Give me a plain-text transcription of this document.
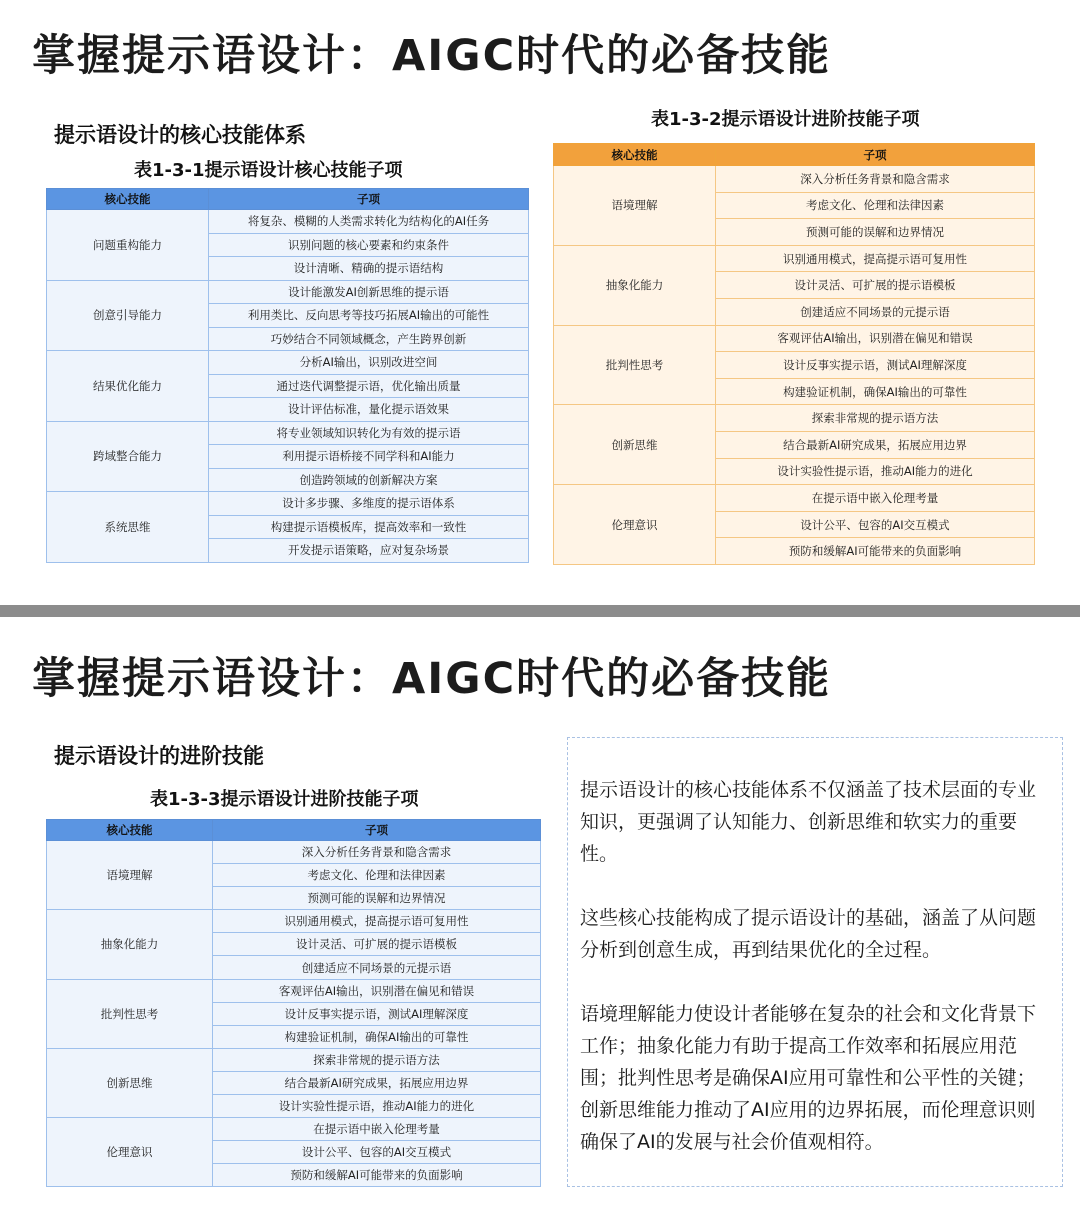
掌握提示语设计：AIGC时代的必备技能
提示语设计的核心技能体系
表1-3-1提示语设计核心技能子项
核心技能	子项
问题重构能力	将复杂、模糊的人类需求转化为结构化的AI任务
	识别问题的核心要素和约束条件
	设计清晰、精确的提示语结构
创意引导能力	设计能激发AI创新思维的提示语
	利用类比、反向思考等技巧拓展AI输出的可能性
	巧妙结合不同领域概念，产生跨界创新
结果优化能力	分析AI输出，识别改进空间
	通过迭代调整提示语，优化输出质量
	设计评估标准，量化提示语效果
跨域整合能力	将专业领域知识转化为有效的提示语
	利用提示语桥接不同学科和AI能力
	创造跨领域的创新解决方案
系统思维	设计多步骤、多维度的提示语体系
	构建提示语模板库，提高效率和一致性
	开发提示语策略，应对复杂场景
表1-3-2提示语设计进阶技能子项
核心技能	子项
语境理解	深入分析任务背景和隐含需求
	考虑文化、伦理和法律因素
	预测可能的误解和边界情况
抽象化能力	识别通用模式，提高提示语可复用性
	设计灵活、可扩展的提示语模板
	创建适应不同场景的元提示语
批判性思考	客观评估AI输出，识别潜在偏见和错误
	设计反事实提示语，测试AI理解深度
	构建验证机制，确保AI输出的可靠性
创新思维	探索非常规的提示语方法
	结合最新AI研究成果，拓展应用边界
	设计实验性提示语，推动AI能力的进化
伦理意识	在提示语中嵌入伦理考量
	设计公平、包容的AI交互模式
	预防和缓解AI可能带来的负面影响
掌握提示语设计：AIGC时代的必备技能
提示语设计的进阶技能
表1-3-3提示语设计进阶技能子项
核心技能	子项
语境理解	深入分析任务背景和隐含需求
	考虑文化、伦理和法律因素
	预测可能的误解和边界情况
抽象化能力	识别通用模式，提高提示语可复用性
	设计灵活、可扩展的提示语模板
	创建适应不同场景的元提示语
批判性思考	客观评估AI输出，识别潜在偏见和错误
	设计反事实提示语，测试AI理解深度
	构建验证机制，确保AI输出的可靠性
创新思维	探索非常规的提示语方法
	结合最新AI研究成果，拓展应用边界
	设计实验性提示语，推动AI能力的进化
伦理意识	在提示语中嵌入伦理考量
	设计公平、包容的AI交互模式
	预防和缓解AI可能带来的负面影响

提示语设计的核心技能体系不仅涵盖了技术层面的专业知识，更强调了认知能力、创新思维和软实力的重要性。

这些核心技能构成了提示语设计的基础，涵盖了从问题分析到创意生成，再到结果优化的全过程。

语境理解能力使设计者能够在复杂的社会和文化背景下工作；抽象化能力有助于提高工作效率和拓展应用范围；批判性思考是确保AI应用可靠性和公平性的关键；创新思维能力推动了AI应用的边界拓展，而伦理意识则确保了AI的发展与社会价值观相符。
